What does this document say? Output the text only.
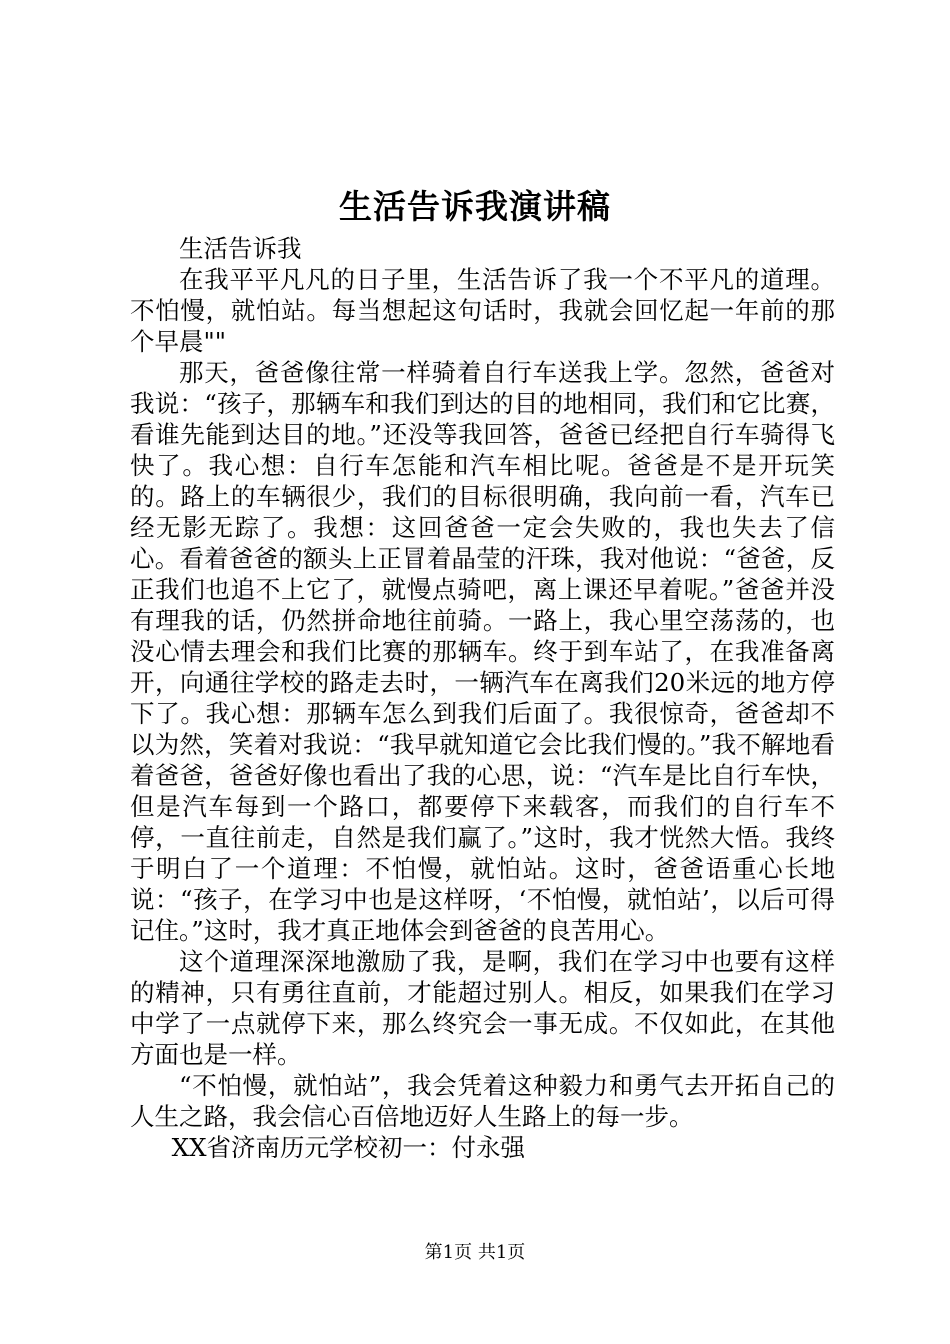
生活告诉我演讲稿

生活告诉我

在我平平凡凡的日子里，生活告诉了我一个不平凡的道理。不怕慢，就怕站。每当想起这句话时，我就会回忆起一年前的那个早晨""

那天，爸爸像往常一样骑着自行车送我上学。忽然，爸爸对我说：“孩子，那辆车和我们到达的目的地相同，我们和它比赛，看谁先能到达目的地。”还没等我回答，爸爸已经把自行车骑得飞快了。我心想：自行车怎能和汽车相比呢。爸爸是不是开玩笑的。路上的车辆很少，我们的目标很明确，我向前一看，汽车已经无影无踪了。我想：这回爸爸一定会失败的，我也失去了信心。看着爸爸的额头上正冒着晶莹的汗珠，我对他说：“爸爸，反正我们也追不上它了，就慢点骑吧，离上课还早着呢。”爸爸并没有理我的话，仍然拼命地往前骑。一路上，我心里空荡荡的，也没心情去理会和我们比赛的那辆车。终于到车站了，在我准备离开，向通往学校的路走去时，一辆汽车在离我们20米远的地方停下了。我心想：那辆车怎么到我们后面了。我很惊奇，爸爸却不以为然，笑着对我说：“我早就知道它会比我们慢的。”我不解地看着爸爸，爸爸好像也看出了我的心思，说：“汽车是比自行车快，但是汽车每到一个路口，都要停下来载客，而我们的自行车不停，一直往前走，自然是我们赢了。”这时，我才恍然大悟。我终于明白了一个道理：不怕慢，就怕站。这时，爸爸语重心长地说：“孩子，在学习中也是这样呀，‘不怕慢，就怕站’，以后可得记住。”这时，我才真正地体会到爸爸的良苦用心。

这个道理深深地激励了我，是啊，我们在学习中也要有这样的精神，只有勇往直前，才能超过别人。相反，如果我们在学习中学了一点就停下来，那么终究会一事无成。不仅如此，在其他方面也是一样。

“不怕慢，就怕站”，我会凭着这种毅力和勇气去开拓自己的人生之路，我会信心百倍地迈好人生路上的每一步。

XX省济南历元学校初一：付永强

第1页 共1页
